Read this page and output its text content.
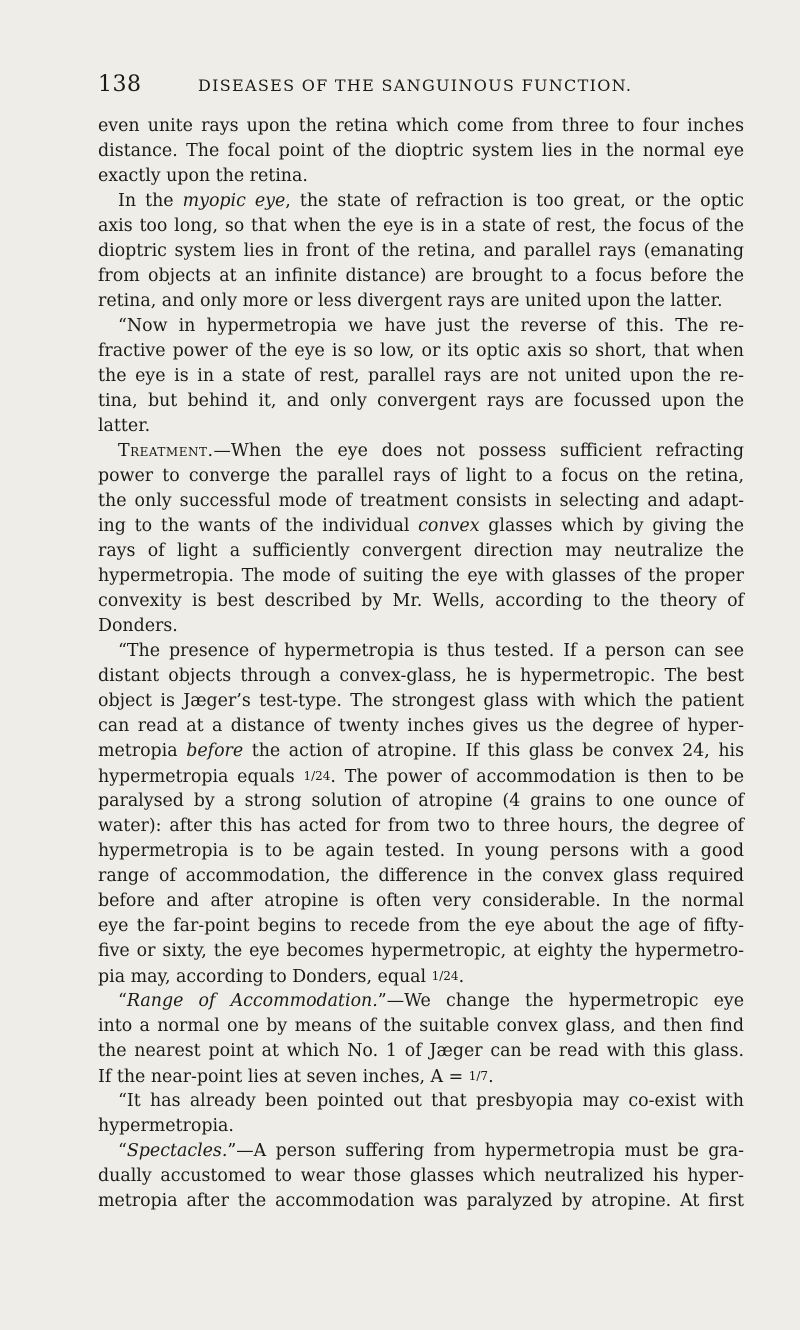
138	DISEASES OF THE SANGUINOUS FUNCTION.
even unite rays upon the retina which come from three to four inches
distance. The focal point of the dioptric system lies in the normal eye
exactly upon the retina.
In the myopic eye, the state of refraction is too great, or the optic
axis too long, so that when the eye is in a state of rest, the focus of the
dioptric system lies in front of the retina, and parallel rays (emanating
from objects at an infinite distance) are brought to a focus before the
retina, and only more or less divergent rays are united upon the latter.
“Now in hypermetropia we have just the reverse of this. The re-
fractive power of the eye is so low, or its optic axis so short, that when
the eye is in a state of rest, parallel rays are not united upon the re-
tina, but behind it, and only convergent rays are focussed upon the
latter.
Treatment.—When the eye does not possess sufficient refracting
power to converge the parallel rays of light to a focus on the retina,
the only successful mode of treatment consists in selecting and adapt-
ing to the wants of the individual convex glasses which by giving the
rays of light a sufficiently convergent direction may neutralize the
hypermetropia. The mode of suiting the eye with glasses of the proper
convexity is best described by Mr. Wells, according to the theory of
Donders.
“The presence of hypermetropia is thus tested. If a person can see
distant objects through a convex-glass, he is hypermetropic. The best
object is Jæger’s test-type. The strongest glass with which the patient
can read at a distance of twenty inches gives us the degree of hyper-
metropia before the action of atropine. If this glass be convex 24, his
hypermetropia equals 1/24. The power of accommodation is then to be
paralysed by a strong solution of atropine (4 grains to one ounce of
water): after this has acted for from two to three hours, the degree of
hypermetropia is to be again tested. In young persons with a good
range of accommodation, the difference in the convex glass required
before and after atropine is often very considerable. In the normal
eye the far-point begins to recede from the eye about the age of fifty-
five or sixty, the eye becomes hypermetropic, at eighty the hypermetro-
pia may, according to Donders, equal 1/24.
“Range of Accommodation.”—We change the hypermetropic eye
into a normal one by means of the suitable convex glass, and then find
the nearest point at which No. 1 of Jæger can be read with this glass.
If the near-point lies at seven inches, A = 1/7.
“It has already been pointed out that presbyopia may co-exist with
hypermetropia.
“Spectacles.”—A person suffering from hypermetropia must be gra-
dually accustomed to wear those glasses which neutralized his hyper-
metropia after the accommodation was paralyzed by atropine. At first
